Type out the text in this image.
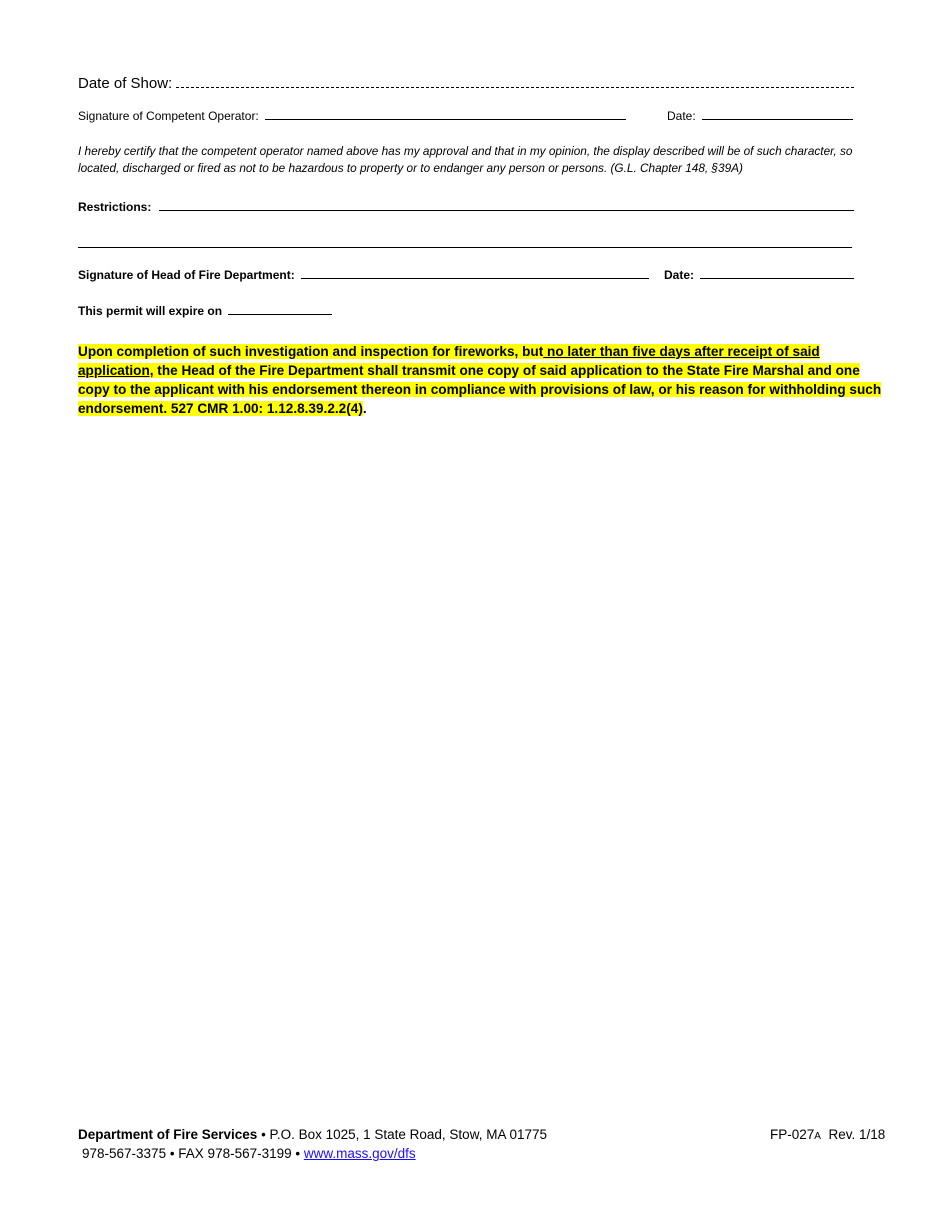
Date of Show:
Signature of Competent Operator:	Date:
I hereby certify that the competent operator named above has my approval and that in my opinion, the display described will be of such character, so located, discharged or fired as not to be hazardous to property or to endanger any person or persons. (G.L. Chapter 148, §39A)
Restrictions:
Signature of Head of Fire Department:	Date:
This permit will expire on
Upon completion of such investigation and inspection for fireworks, but no later than five days after receipt of said application, the Head of the Fire Department shall transmit one copy of said application to the State Fire Marshal and one copy to the applicant with his endorsement thereon in compliance with provisions of law, or his reason for withholding such endorsement. 527 CMR 1.00: 1.12.8.39.2.2(4).
Department of Fire Services • P.O. Box 1025, 1 State Road, Stow, MA 01775
978-567-3375 • FAX 978-567-3199 • www.mass.gov/dfs
FP-027A  Rev. 1/18
